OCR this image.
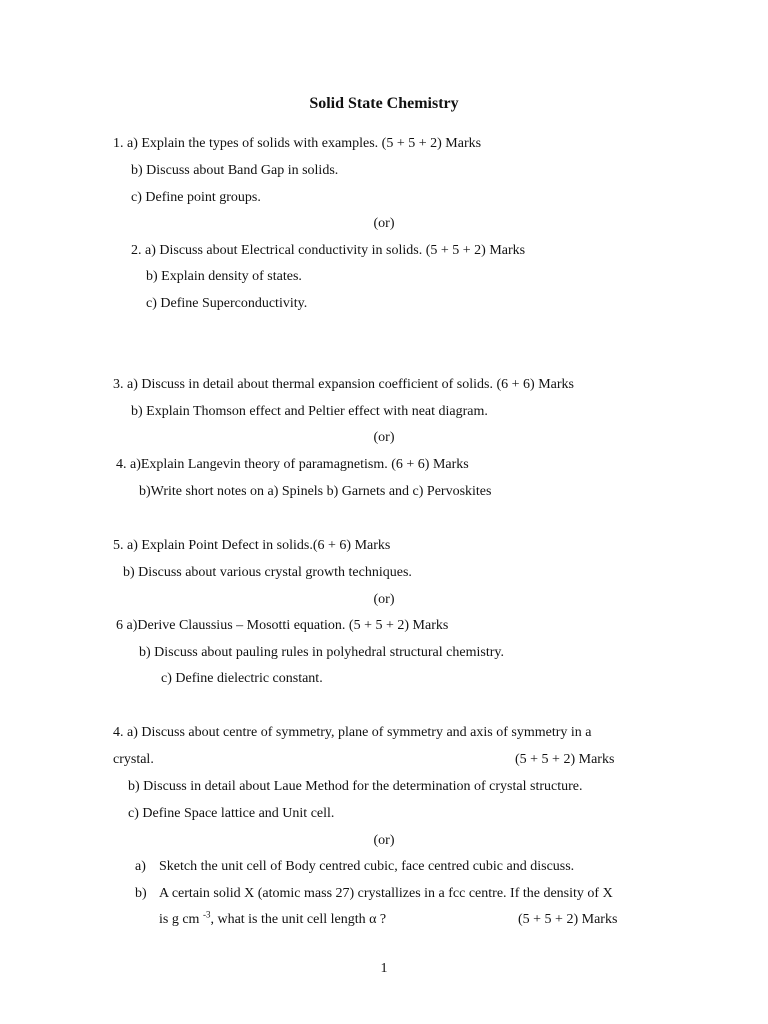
Solid State Chemistry
1. a) Explain the types of solids with examples. (5 + 5 + 2) Marks
b) Discuss about Band Gap in solids.
c) Define point groups.
(or)
2. a) Discuss about Electrical conductivity in solids. (5 + 5 + 2) Marks
b) Explain density of states.
c) Define Superconductivity.
3. a) Discuss in detail about thermal expansion coefficient of solids. (6 + 6) Marks
b) Explain Thomson effect and Peltier effect with neat diagram.
(or)
4. a)Explain Langevin theory of paramagnetism. (6 + 6) Marks
b)Write short notes on a) Spinels b) Garnets and c) Pervoskites
5. a) Explain Point Defect in solids.(6 + 6) Marks
b) Discuss about various crystal growth techniques.
(or)
6 a)Derive Claussius – Mosotti equation. (5 + 5 + 2) Marks
b) Discuss about pauling rules in polyhedral structural chemistry.
c) Define dielectric constant.
4. a) Discuss about centre of symmetry, plane of symmetry and axis of symmetry in a
crystal.	(5 + 5 + 2) Marks
b) Discuss in detail about Laue Method for the determination of crystal structure.
c) Define Space lattice and Unit cell.
(or)
a) Sketch the unit cell of Body centred cubic, face centred cubic and discuss.
b) A certain solid X (atomic mass 27) crystallizes in a fcc centre. If the density of X
is g cm $^{-3}$, what is the unit cell length α ?	(5 + 5 + 2) Marks
1
